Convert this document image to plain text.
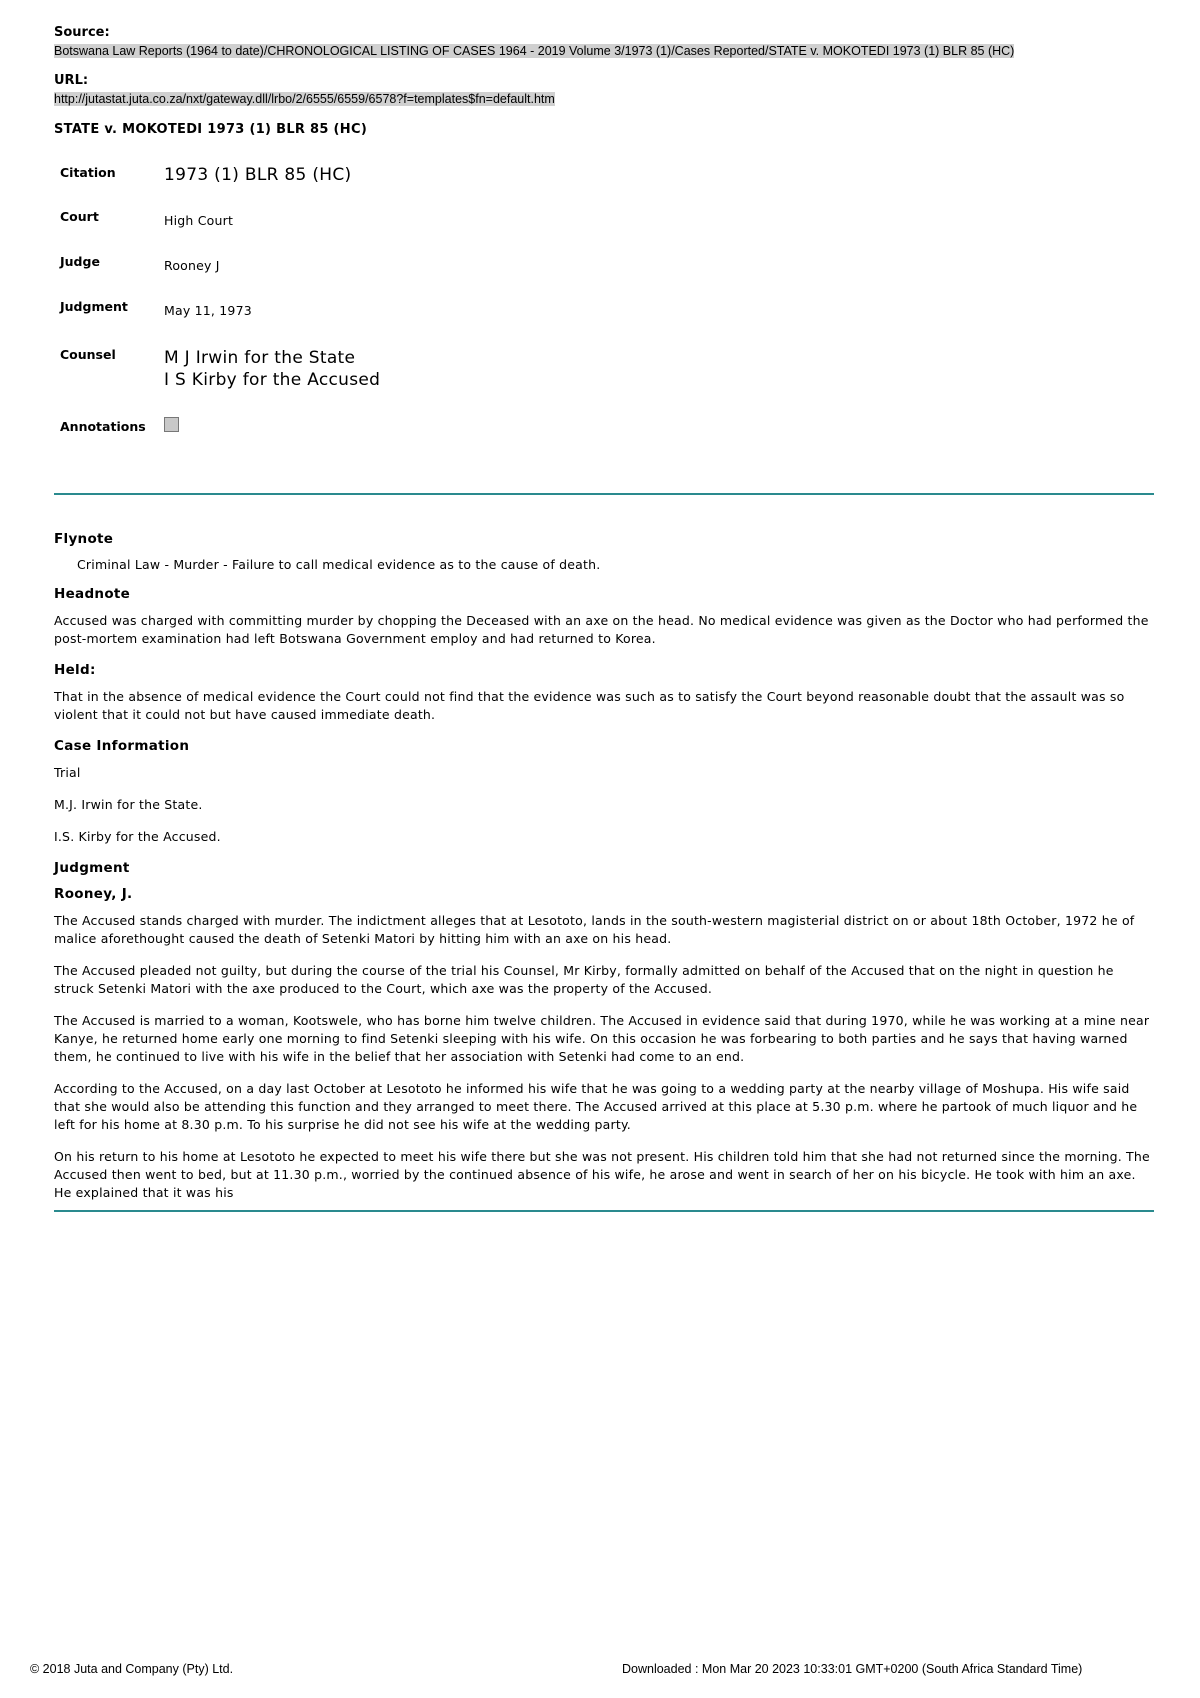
Source:
Botswana Law Reports (1964 to date)/CHRONOLOGICAL LISTING OF CASES 1964 - 2019 Volume 3/1973 (1)/Cases Reported/STATE v. MOKOTEDI 1973 (1) BLR 85 (HC)
URL:
http://jutastat.juta.co.za/nxt/gateway.dll/lrbo/2/6555/6559/6578?f=templates$fn=default.htm
STATE v. MOKOTEDI 1973 (1) BLR 85 (HC)
Citation	1973 (1) BLR 85 (HC)
Court	High Court
Judge	Rooney J
Judgment	May 11, 1973
Counsel	M J Irwin for the State
I S Kirby for the Accused

Annotations	
Flynote

Criminal Law - Murder - Failure to call medical evidence as to the cause of death.

Headnote

Accused was charged with committing murder by chopping the Deceased with an axe on the head. No medical evidence was given as the Doctor who had performed the post-mortem examination had left Botswana Government employ and had returned to Korea.

Held:

That in the absence of medical evidence the Court could not find that the evidence was such as to satisfy the Court beyond reasonable doubt that the assault was so violent that it could not but have caused immediate death.

Case Information

Trial

M.J. Irwin for the State.

I.S. Kirby for the Accused.

Judgment
Rooney, J.

The Accused stands charged with murder. The indictment alleges that at Lesototo, lands in the south-western magisterial district on or about 18th October, 1972 he of malice aforethought caused the death of Setenki Matori by hitting him with an axe on his head.

The Accused pleaded not guilty, but during the course of the trial his Counsel, Mr Kirby, formally admitted on behalf of the Accused that on the night in question he struck Setenki Matori with the axe produced to the Court, which axe was the property of the Accused.

The Accused is married to a woman, Kootswele, who has borne him twelve children. The Accused in evidence said that during 1970, while he was working at a mine near Kanye, he returned home early one morning to find Setenki sleeping with his wife. On this occasion he was forbearing to both parties and he says that having warned them, he continued to live with his wife in the belief that her association with Setenki had come to an end.

According to the Accused, on a day last October at Lesototo he informed his wife that he was going to a wedding party at the nearby village of Moshupa. His wife said that she would also be attending this function and they arranged to meet there. The Accused arrived at this place at 5.30 p.m. where he partook of much liquor and he left for his home at 8.30 p.m. To his surprise he did not see his wife at the wedding party.

On his return to his home at Lesototo he expected to meet his wife there but she was not present. His children told him that she had not returned since the morning. The Accused then went to bed, but at 11.30 p.m., worried by the continued absence of his wife, he arose and went in search of her on his bicycle. He took with him an axe. He explained that it was his

© 2018 Juta and Company (Pty) Ltd.	Downloaded : Mon Mar 20 2023 10:33:01 GMT+0200 (South Africa Standard Time)
